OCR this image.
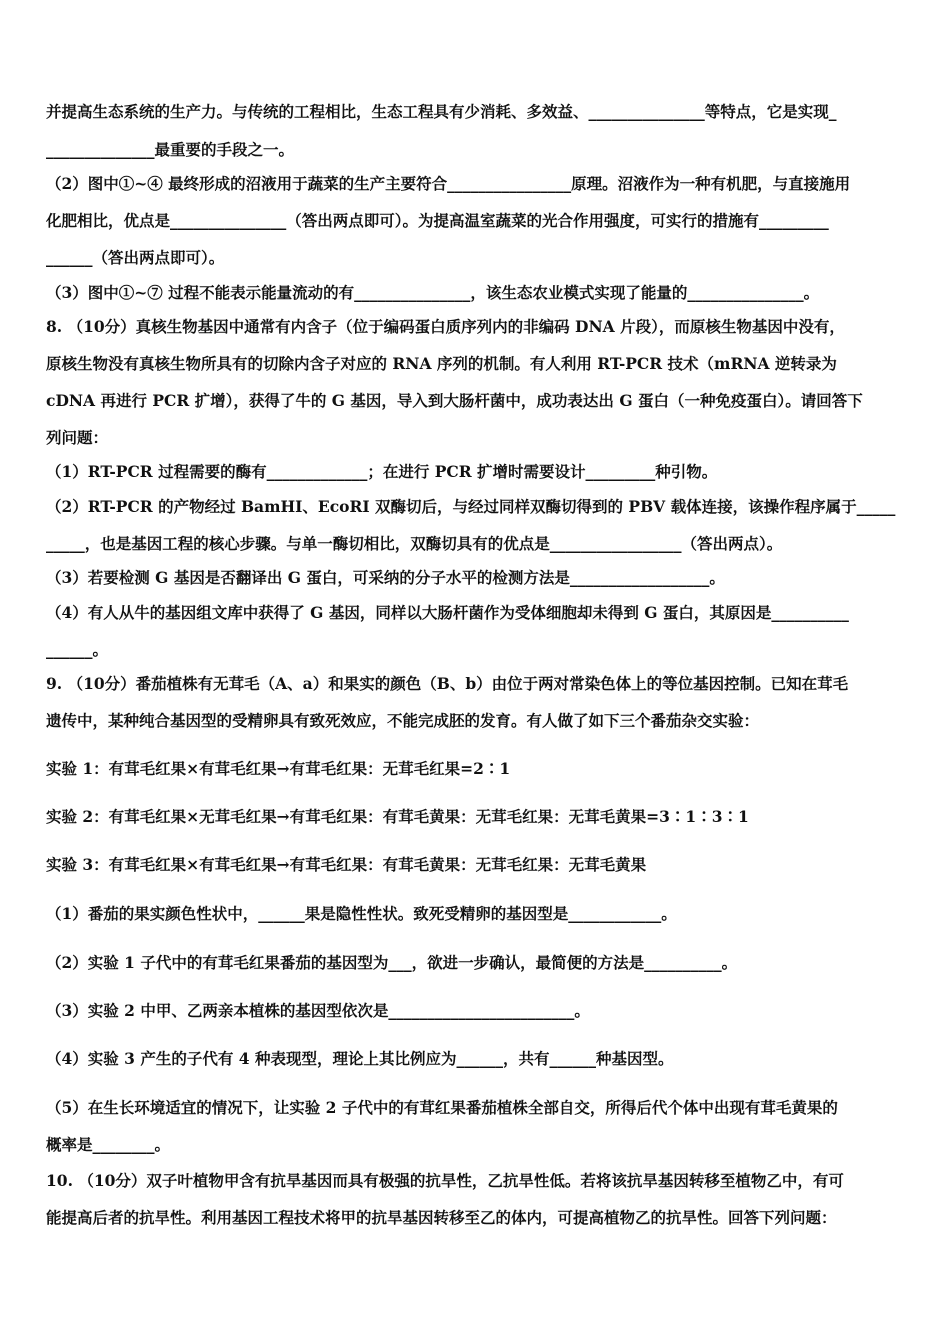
并提高生态系统的生产力。与传统的工程相比，生态工程具有少消耗、多效益、_______________等特点，它是实现_
______________最重要的手段之一。
（2）图中①~④ 最终形成的沼液用于蔬菜的生产主要符合________________原理。沼液作为一种有机肥，与直接施用
化肥相比，优点是_______________（答出两点即可）。为提高温室蔬菜的光合作用强度，可实行的措施有_________
______（答出两点即可）。
（3）图中①~⑦ 过程不能表示能量流动的有_______________，该生态农业模式实现了能量的_______________。
8. （10分）真核生物基因中通常有内含子（位于编码蛋白质序列内的非编码 DNA 片段），而原核生物基因中没有，
原核生物没有真核生物所具有的切除内含子对应的 RNA 序列的机制。有人利用 RT-PCR 技术（mRNA 逆转录为
cDNA 再进行 PCR 扩增），获得了牛的 G 基因，导入到大肠杆菌中，成功表达出 G 蛋白（一种免疫蛋白）。请回答下
列问题：
（1）RT-PCR 过程需要的酶有_____________；在进行 PCR 扩增时需要设计_________种引物。
（2）RT-PCR 的产物经过 BamHI、EcoRI 双酶切后，与经过同样双酶切得到的 PBV 载体连接，该操作程序属于_____
_____，也是基因工程的核心步骤。与单一酶切相比，双酶切具有的优点是_________________（答出两点）。
（3）若要检测 G 基因是否翻译出 G 蛋白，可采纳的分子水平的检测方法是__________________。
（4）有人从牛的基因组文库中获得了 G 基因，同样以大肠杆菌作为受体细胞却未得到 G 蛋白，其原因是__________
______。
9. （10分）番茄植株有无茸毛（A、a）和果实的颜色（B、b）由位于两对常染色体上的等位基因控制。已知在茸毛
遗传中，某种纯合基因型的受精卵具有致死效应，不能完成胚的发育。有人做了如下三个番茄杂交实验：
实验 1：有茸毛红果×有茸毛红果→有茸毛红果：无茸毛红果=2∶1
实验 2：有茸毛红果×无茸毛红果→有茸毛红果：有茸毛黄果：无茸毛红果：无茸毛黄果=3∶1∶3∶1
实验 3：有茸毛红果×有茸毛红果→有茸毛红果：有茸毛黄果：无茸毛红果：无茸毛黄果
（1）番茄的果实颜色性状中，______果是隐性性状。致死受精卵的基因型是____________。
（2）实验 1 子代中的有茸毛红果番茄的基因型为___，欲进一步确认，最简便的方法是__________。
（3）实验 2 中甲、乙两亲本植株的基因型依次是________________________。
（4）实验 3 产生的子代有 4 种表现型，理论上其比例应为______，共有______种基因型。
（5）在生长环境适宜的情况下，让实验 2 子代中的有茸红果番茄植株全部自交，所得后代个体中出现有茸毛黄果的
概率是________。
10. （10分）双子叶植物甲含有抗旱基因而具有极强的抗旱性，乙抗旱性低。若将该抗旱基因转移至植物乙中，有可
能提高后者的抗旱性。利用基因工程技术将甲的抗旱基因转移至乙的体内，可提高植物乙的抗旱性。回答下列问题：
